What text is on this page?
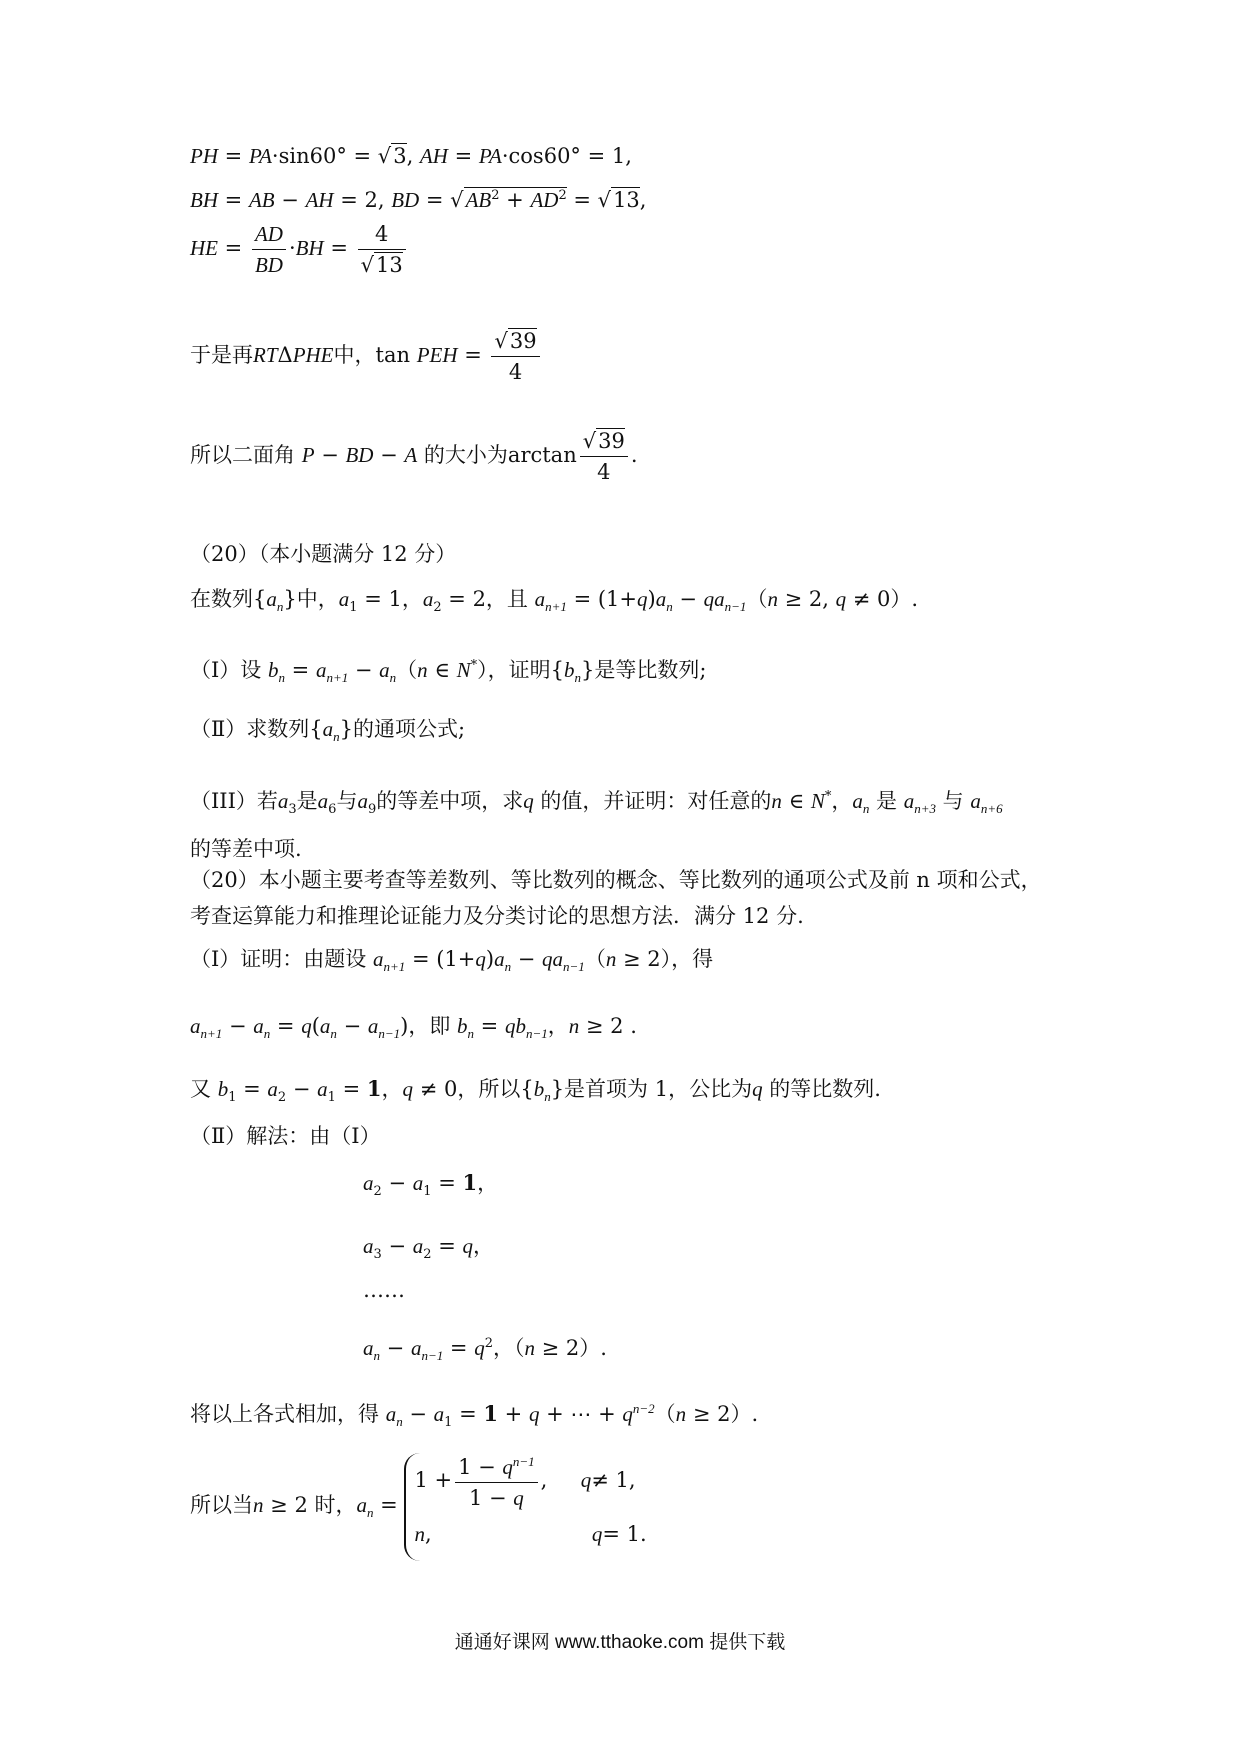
PH = PA·sin60° = √3, AH = PA·cos60° = 1,
BH = AB − AH = 2, BD = $√AB^2 + AD^2 = √13$,
HE = $\frac{AD}{BD} \cdot BH = \frac{4}{√13}$
于是再RTΔPHE中，tan PEH = $\frac{√39}{4}$
所以二面角 P − BD − A 的大小为$\arctan \frac{√39}{4}$ .
（20）（本小题满分 12 分）
在数列$\{a_n\}$中，$a_1 = 1$，$a_2 = 2$，且 $a_{n+1} = (1+q)a_n - qa_{n-1}(n \ge 2$, q ≠ 0）.
（Ⅰ）设 $b_n = a_{n+1} - a_n(n$ ∈ N*），证明$\{b_n\}$是等比数列;
（Ⅱ）求数列$\{a_n\}$的通项公式;
（III）若$a_3$是$a_6$与$a_9$的等差中项，求q 的值，并证明：对任意的n ∈ N*，$a_n$ 是 $a_{n+3}$ 与 $a_{n+6}$
的等差中项.
（20）本小题主要考查等差数列、等比数列的概念、等比数列的通项公式及前 n 项和公式，
考查运算能力和推理论证能力及分类讨论的思想方法．满分 12 分.
（Ⅰ）证明：由题设 $a_{n+1} = (1+q)a_n - qa_{n-1}(n \ge 2)$，得
$a_{n+1} - a_n = q(a_n - a_{n-1})$，即 $b_n = qb_{n-1}$，n ≥ 2 .
又 $b_1 = a_2 - a_1 = 1$，q ≠ 0，所以$\{b_n\}$是首项为 1，公比为q 的等比数列.
（Ⅱ）解法：由（Ⅰ）
$a_2 - a_1 = 1$，
$a_3 - a_2 = q$，
……
$a_n - a_{n-1} = q^2$，（n ≥ 2）.
将以上各式相加，得 $a_n - a_1 = 1 + q$ + ⋯ + $q^{n-2}(n \ge 2)$.
所以当n ≥ 2 时，$a_n$ =
$1 + \frac{1 - q^{n-1}}{1 - q}$ , q ≠ 1,
n , q = 1.
通通好课网 www.tthaoke.com 提供下载
